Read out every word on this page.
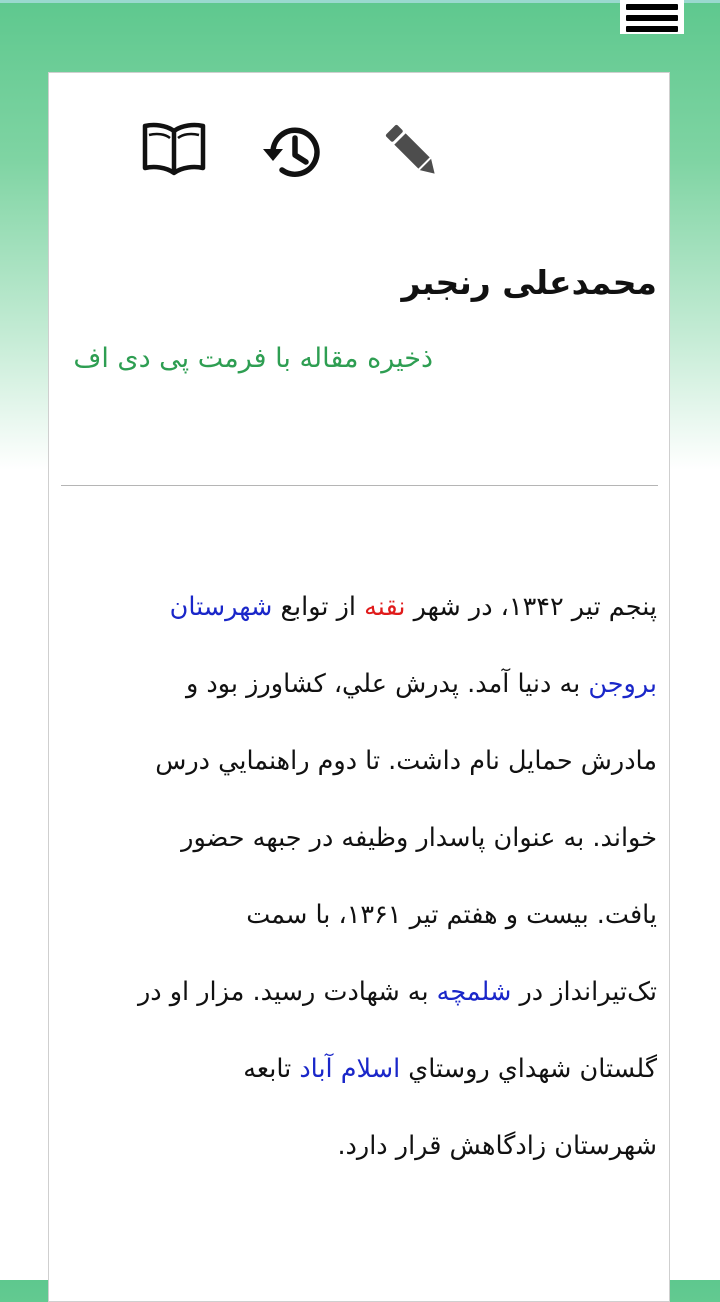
محمدعلی رنجبر
ذخیره مقاله با فرمت پی دی اف
پنجم تیر ۱۳۴۲، در شهر نقنه از توابع شهرستان
بروجن به دنیا آمد. پدرش علي، کشاورز بود و
مادرش حمايل نام داشت. تا دوم راهنمايي درس
خواند. به عنوان پاسدار وظيفه در جبهه حضور
يافت. بيست و هفتم تير ۱۳۶۱، با سمت
تک‌تیرانداز در شلمچه به شهادت رسيد. مزار او در
گلستان شهداي روستاي اسلام آباد تابعه
شهرستان زادگاهش قرار دارد.
